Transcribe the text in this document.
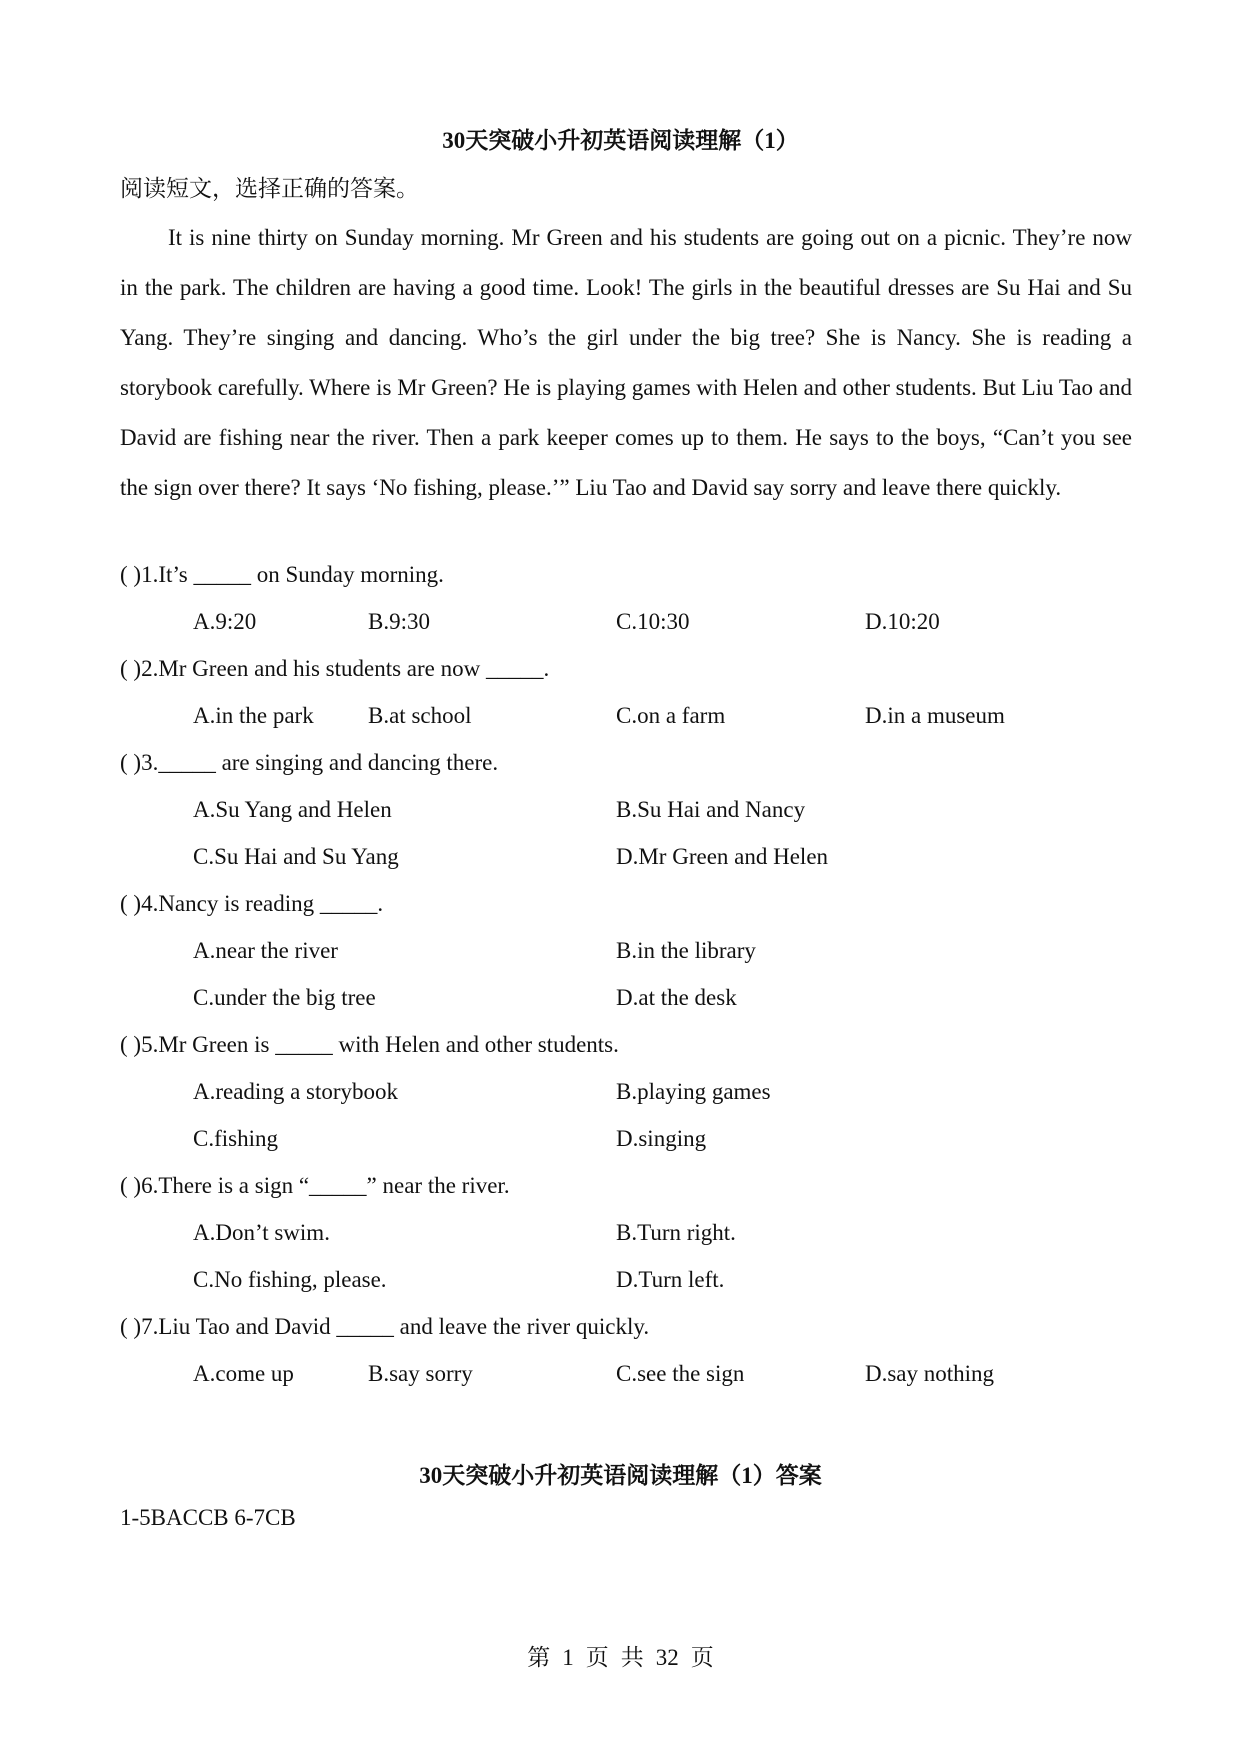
30天突破小升初英语阅读理解（1）
阅读短文，选择正确的答案。
It is nine thirty on Sunday morning. Mr Green and his students are going out on a picnic. They’re now in the park. The children are having a good time. Look! The girls in the beautiful dresses are Su Hai and Su Yang. They’re singing and dancing. Who’s the girl under the big tree? She is Nancy. She is reading a storybook carefully. Where is Mr Green? He is playing games with Helen and other students. But Liu Tao and David are fishing near the river. Then a park keeper comes up to them. He says to the boys, “Can’t you see the sign over there? It says ‘No fishing, please.’” Liu Tao and David say sorry and leave there quickly.
( )1.It’s _____ on Sunday morning.
A.9:20	B.9:30	C.10:30	D.10:20
( )2.Mr Green and his students are now _____.
A.in the park B.at school	C.on a farm	D.in a museum
( )3._____ are singing and dancing there.
A.Su Yang and Helen	B.Su Hai and Nancy
C.Su Hai and Su Yang	D.Mr Green and Helen
( )4.Nancy is reading _____.
A.near the river	B.in the library
C.under the big tree	D.at the desk
( )5.Mr Green is _____ with Helen and other students.
A.reading a storybook	B.playing games
C.fishing	D.singing
( )6.There is a sign “_____” near the river.
A.Don’t swim.	B.Turn right.
C.No fishing, please.	D.Turn left.
( )7.Liu Tao and David _____ and leave the river quickly.
A.come up	B.say sorry	C.see the sign	D.say nothing
30天突破小升初英语阅读理解（1）答案
1-5BACCB 6-7CB
第 1 页 共 32 页
